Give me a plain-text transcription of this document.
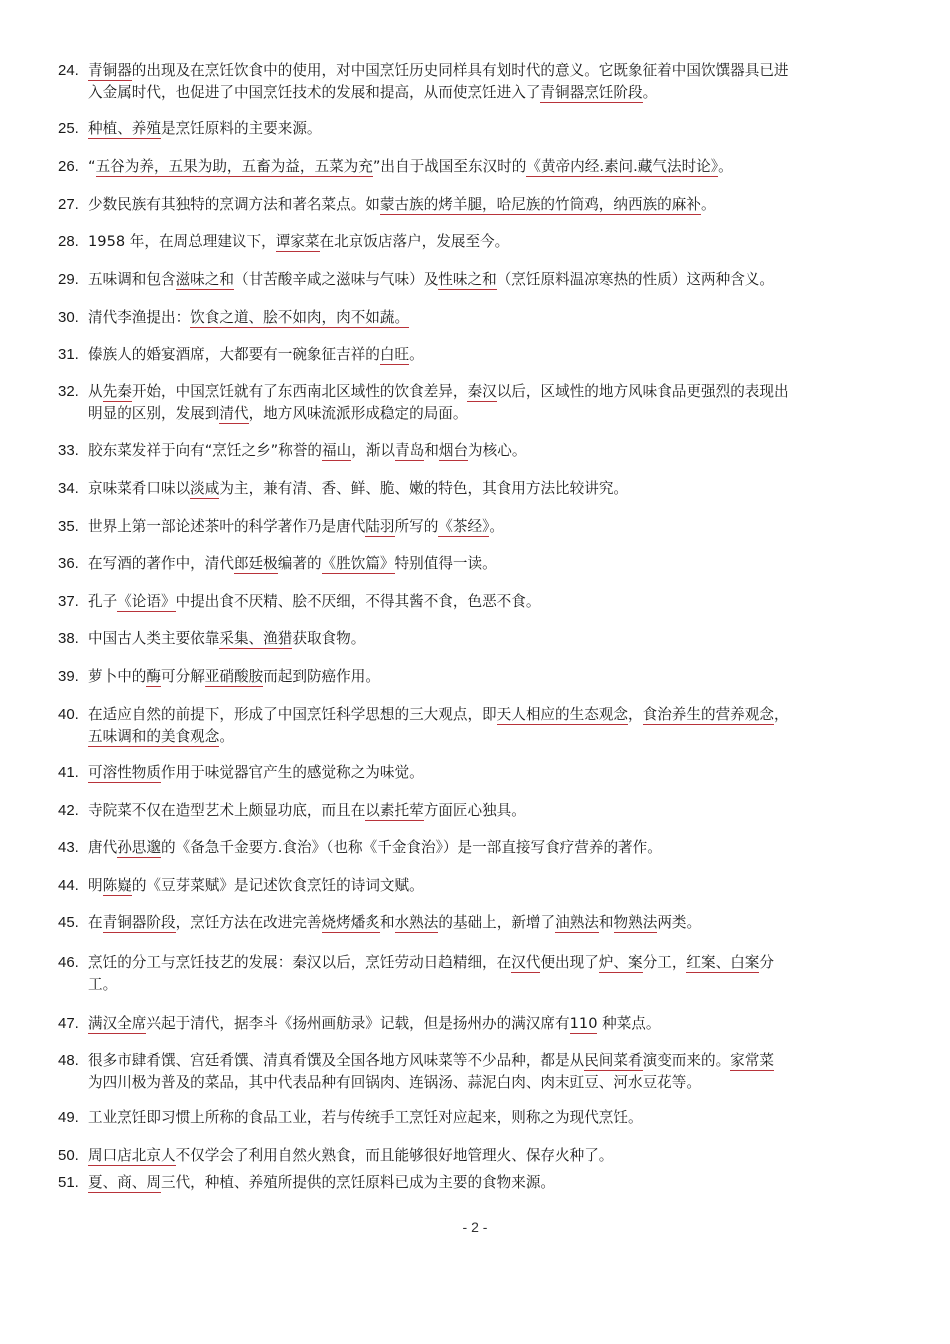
24. 青铜器的出现及在烹饪饮食中的使用，对中国烹饪历史同样具有划时代的意义。它既象征着中国饮馔器具已进
入金属时代，也促进了中国烹饪技术的发展和提高，从而使烹饪进入了青铜器烹饪阶段。
25. 种植、养殖是烹饪原料的主要来源。
26. “五谷为养，五果为助，五畜为益，五菜为充”出自于战国至东汉时的《黄帝内经.素问.藏气法时论》。
27. 少数民族有其独特的烹调方法和著名菜点。如蒙古族的烤羊腿，哈尼族的竹筒鸡，纳西族的麻补。
28. 1958 年，在周总理建议下，谭家菜在北京饭店落户，发展至今。
29. 五味调和包含滋味之和（甘苦酸辛咸之滋味与气味）及性味之和（烹饪原料温凉寒热的性质）这两种含义。
30. 清代李渔提出：饮食之道、脍不如肉，肉不如蔬。
31. 傣族人的婚宴酒席，大都要有一碗象征吉祥的白旺。
32. 从先秦开始，中国烹饪就有了东西南北区域性的饮食差异，秦汉以后，区域性的地方风味食品更强烈的表现出
明显的区别，发展到清代，地方风味流派形成稳定的局面。
33. 胶东菜发祥于向有“烹饪之乡”称誉的福山，渐以青岛和烟台为核心。
34. 京味菜肴口味以淡咸为主，兼有清、香、鲜、脆、嫩的特色，其食用方法比较讲究。
35. 世界上第一部论述茶叶的科学著作乃是唐代陆羽所写的《茶经》。
36. 在写酒的著作中，清代郎廷极编著的《胜饮篇》特别值得一读。
37. 孔子《论语》中提出食不厌精、脍不厌细，不得其酱不食，色恶不食。
38. 中国古人类主要依靠采集、渔猎获取食物。
39. 萝卜中的酶可分解亚硝酸胺而起到防癌作用。
40. 在适应自然的前提下，形成了中国烹饪科学思想的三大观点，即天人相应的生态观念，食治养生的营养观念，
五味调和的美食观念。
41. 可溶性物质作用于味觉器官产生的感觉称之为味觉。
42. 寺院菜不仅在造型艺术上颇显功底，而且在以素托荤方面匠心独具。
43. 唐代孙思邈的《备急千金要方.食治》（也称《千金食治》）是一部直接写食疗营养的著作。
44. 明陈嶷的《豆芽菜赋》是记述饮食烹饪的诗词文赋。
45. 在青铜器阶段，烹饪方法在改进完善烧烤燔炙和水熟法的基础上，新增了油熟法和物熟法两类。
46. 烹饪的分工与烹饪技艺的发展：秦汉以后，烹饪劳动日趋精细，在汉代便出现了炉、案分工，红案、白案分
工。
47. 满汉全席兴起于清代，据李斗《扬州画舫录》记载，但是扬州办的满汉席有110 种菜点。
48. 很多市肆肴馔、宫廷肴馔、清真肴馔及全国各地方风味菜等不少品种，都是从民间菜肴演变而来的。家常菜
为四川极为普及的菜品，其中代表品种有回锅肉、连锅汤、蒜泥白肉、肉末豇豆、河水豆花等。
49. 工业烹饪即习惯上所称的食品工业，若与传统手工烹饪对应起来，则称之为现代烹饪。
50. 周口店北京人不仅学会了利用自然火熟食，而且能够很好地管理火、保存火种了。
51. 夏、商、周三代，种植、养殖所提供的烹饪原料已成为主要的食物来源。
- 2 -
